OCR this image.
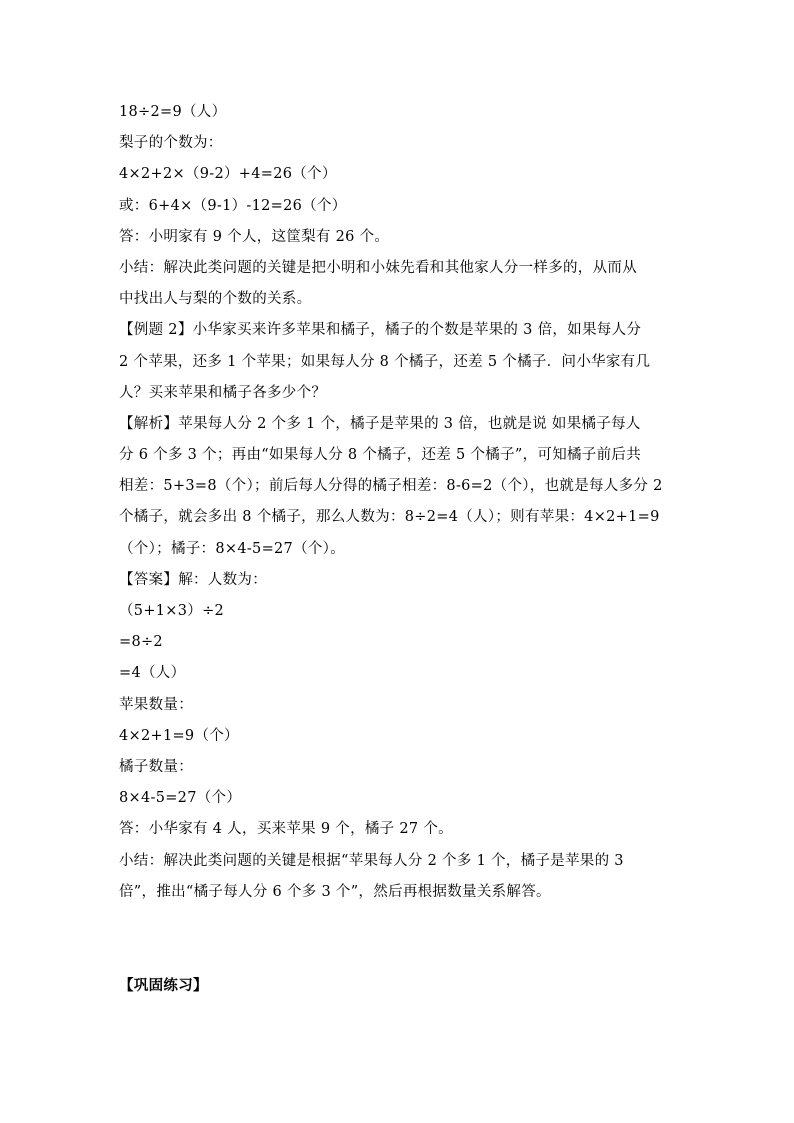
18÷2=9（人）
梨子的个数为：
4×2+2×（9-2）+4=26（个）
或：6+4×（9-1）-12=26（个）
答：小明家有 9 个人，这筐梨有 26 个。
小结：解决此类问题的关键是把小明和小妹先看和其他家人分一样多的，从而从
中找出人与梨的个数的关系。
【例题 2】小华家买来许多苹果和橘子，橘子的个数是苹果的 3 倍，如果每人分
2 个苹果，还多 1 个苹果；如果每人分 8 个橘子，还差 5 个橘子．问小华家有几
人？买来苹果和橘子各多少个？
【解析】苹果每人分 2 个多 1 个，橘子是苹果的 3 倍，也就是说 如果橘子每人
分 6 个多 3 个；再由“如果每人分 8 个橘子，还差 5 个橘子”，可知橘子前后共
相差：5+3=8（个）；前后每人分得的橘子相差：8-6=2（个），也就是每人多分 2
个橘子，就会多出 8 个橘子，那么人数为：8÷2=4（人）；则有苹果：4×2+1=9
（个）；橘子：8×4-5=27（个）。
【答案】解：人数为：
（5+1×3）÷2
=8÷2
=4（人）
苹果数量：
4×2+1=9（个）
橘子数量：
8×4-5=27（个）
答：小华家有 4 人，买来苹果 9 个，橘子 27 个。
小结：解决此类问题的关键是根据“苹果每人分 2 个多 1 个，橘子是苹果的 3
倍”，推出“橘子每人分 6 个多 3 个”，然后再根据数量关系解答。
【巩固练习】
